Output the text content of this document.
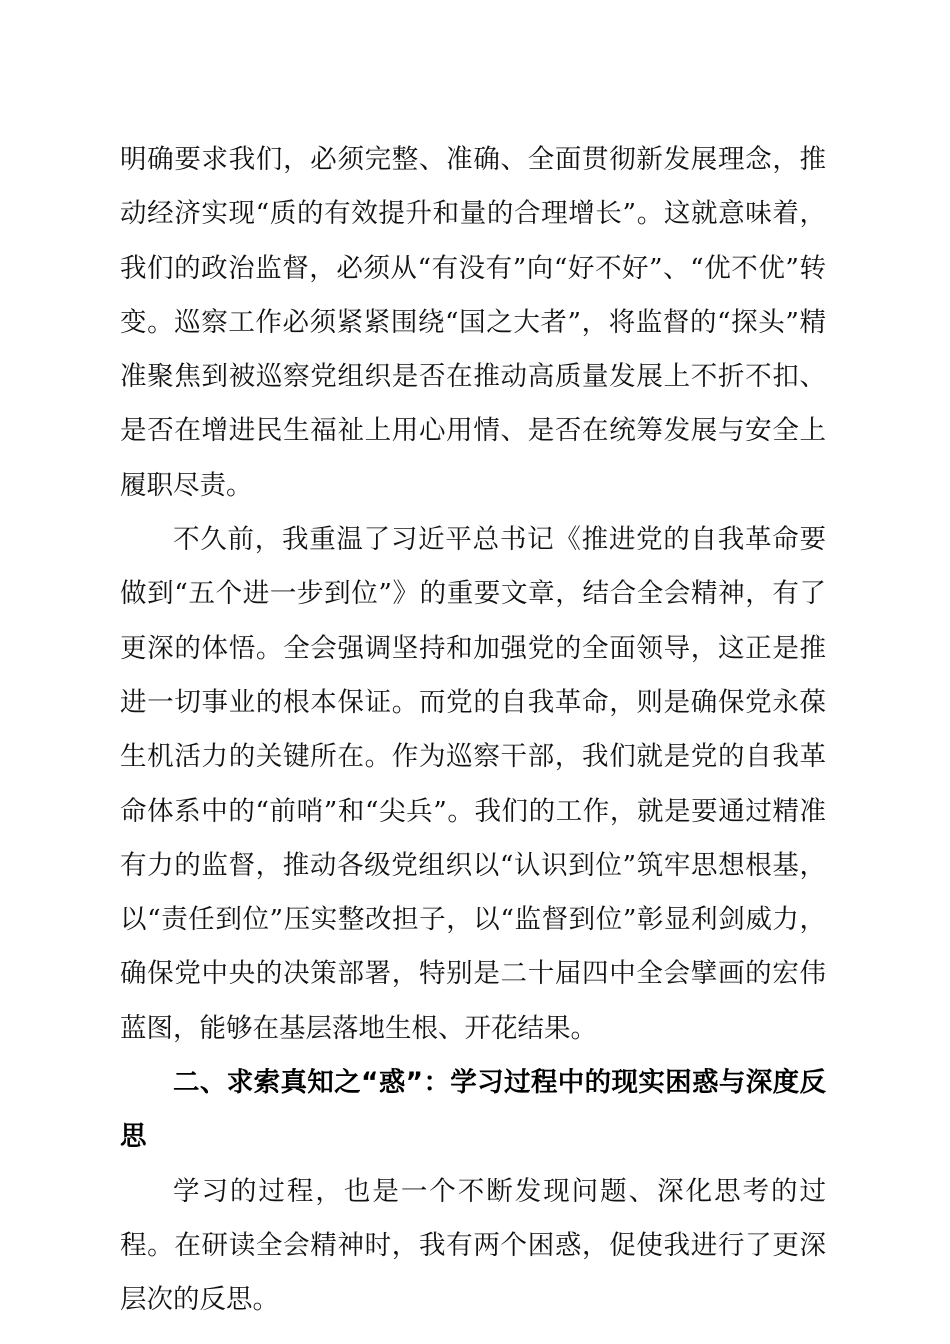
明确要求我们，必须完整、准确、全面贯彻新发展理念，推动经济实现“质的有效提升和量的合理增长”。这就意味着，我们的政治监督，必须从“有没有”向“好不好”、“优不优”转变。巡察工作必须紧紧围绕“国之大者”，将监督的“探头”精准聚焦到被巡察党组织是否在推动高质量发展上不折不扣、是否在增进民生福祉上用心用情、是否在统筹发展与安全上履职尽责。

不久前，我重温了习近平总书记《推进党的自我革命要做到“五个进一步到位”》的重要文章，结合全会精神，有了更深的体悟。全会强调坚持和加强党的全面领导，这正是推进一切事业的根本保证。而党的自我革命，则是确保党永葆生机活力的关键所在。作为巡察干部，我们就是党的自我革命体系中的“前哨”和“尖兵”。我们的工作，就是要通过精准有力的监督，推动各级党组织以“认识到位”筑牢思想根基，以“责任到位”压实整改担子，以“监督到位”彰显利剑威力，确保党中央的决策部署，特别是二十届四中全会擘画的宏伟蓝图，能够在基层落地生根、开花结果。

二、求索真知之“惑”：学习过程中的现实困惑与深度反思

学习的过程，也是一个不断发现问题、深化思考的过程。在研读全会精神时，我有两个困惑，促使我进行了更深层次的反思。
